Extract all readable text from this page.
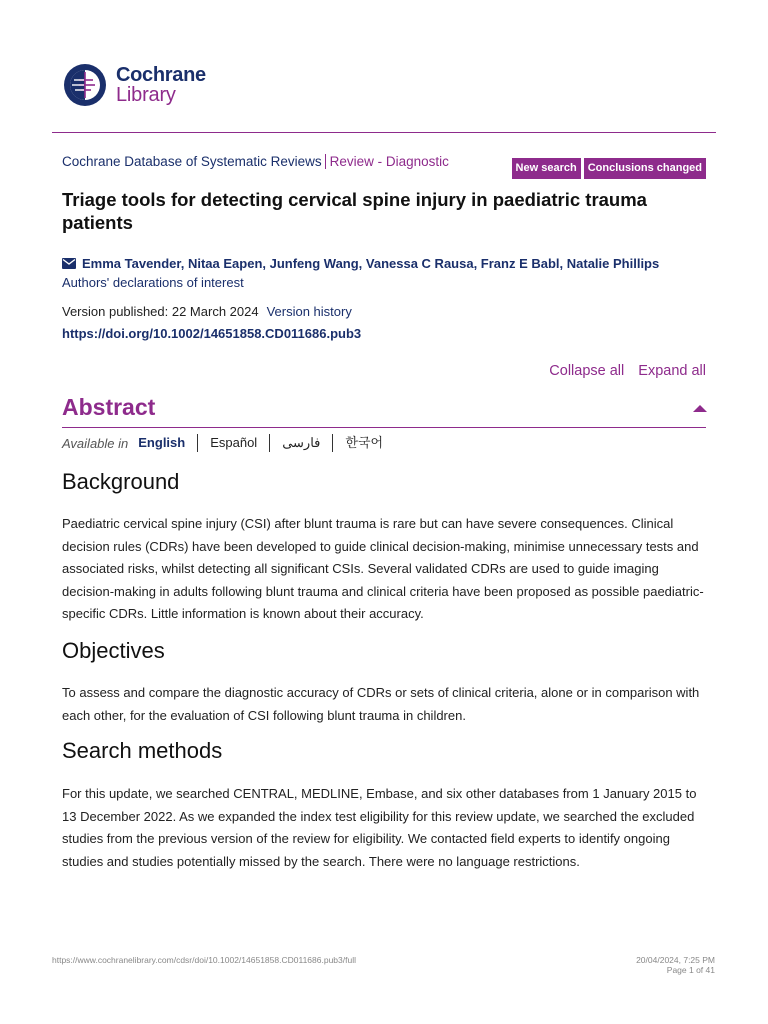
Cochrane
Library
Cochrane Database of Systematic Reviews Review - Diagnostic	New search	Conclusions changed
Triage tools for detecting cervical spine injury in paediatric trauma patients
Emma Tavender, Nitaa Eapen, Junfeng Wang, Vanessa C Rausa, Franz E Babl, Natalie Phillips
Authors' declarations of interest
Version published: 22 March 2024 Version history
https://doi.org/10.1002/14651858.CD011686.pub3
Collapse all Expand all
Abstract
Available in English	Español	فارسی	한국어
Background

Paediatric cervical spine injury (CSI) after blunt trauma is rare but can have severe consequences. Clinical decision rules (CDRs) have been developed to guide clinical decision-making, minimise unnecessary tests and associated risks, whilst detecting all significant CSIs. Several validated CDRs are used to guide imaging decision-making in adults following blunt trauma and clinical criteria have been proposed as possible paediatric-specific CDRs. Little information is known about their accuracy.

Objectives

To assess and compare the diagnostic accuracy of CDRs or sets of clinical criteria, alone or in comparison with each other, for the evaluation of CSI following blunt trauma in children.

Search methods

For this update, we searched CENTRAL, MEDLINE, Embase, and six other databases from 1 January 2015 to 13 December 2022. As we expanded the index test eligibility for this review update, we searched the excluded studies from the previous version of the review for eligibility. We contacted field experts to identify ongoing studies and studies potentially missed by the search. There were no language restrictions.

https://www.cochranelibrary.com/cdsr/doi/10.1002/14651858.CD011686.pub3/full	20/04/2024, 7:25 PM
Page 1 of 41
